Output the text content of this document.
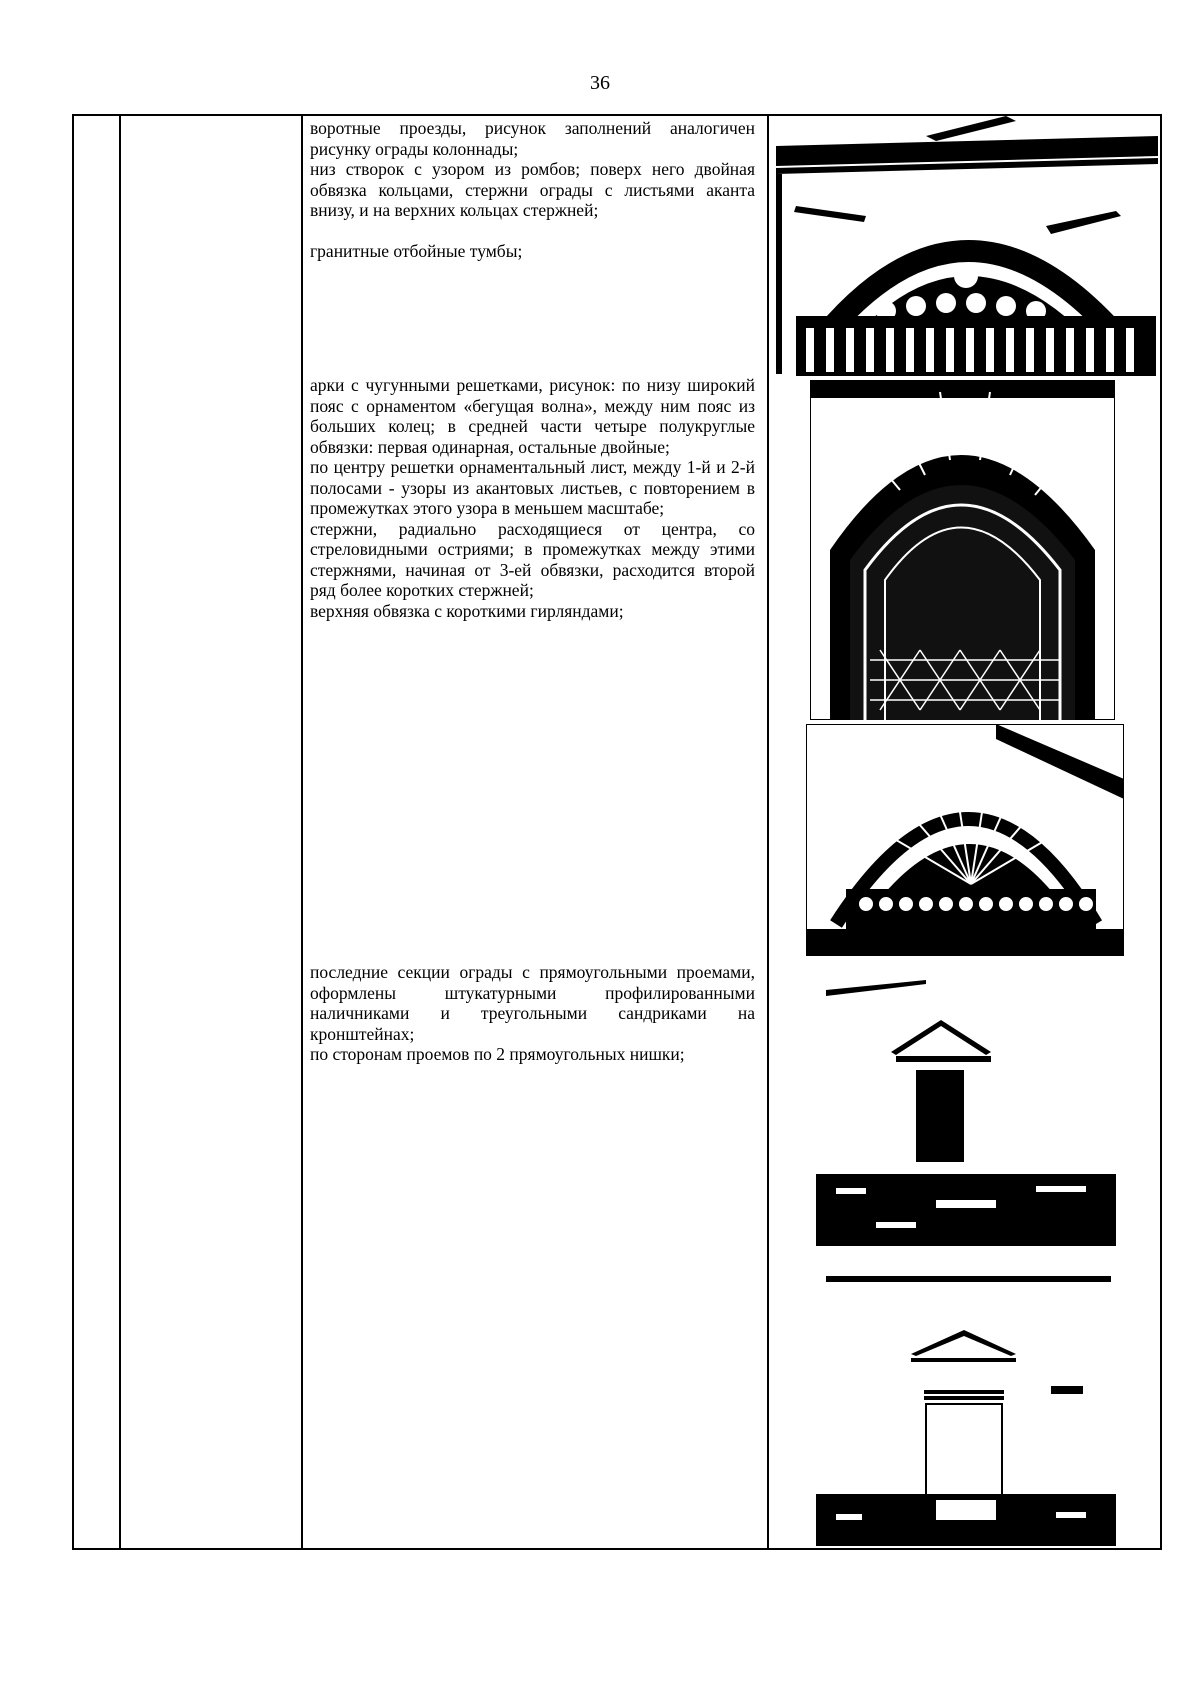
36

воротные проезды, рисунок заполнений аналогичен рисунку ограды колоннады;

низ створок с узором из ромбов; поверх него двойная обвязка кольцами, стержни ограды с листьями аканта внизу, и на верхних кольцах стержней;

гранитные отбойные тумбы;

арки с чугунными решетками, рисунок: по низу широкий пояс с орнаментом «бегущая волна», между ним пояс из больших колец; в средней части четыре полукруглые обвязки: первая одинарная, остальные двойные;

по центру решетки орнаментальный лист, между 1-й и 2-й полосами - узоры из акантовых листьев, с повторением в промежутках этого узора в меньшем масштабе;

стержни, радиально расходящиеся от центра, со стреловидными остриями; в промежутках между этими стержнями, начиная от 3-ей обвязки, расходится второй ряд более коротких стержней;

верхняя обвязка с короткими гирляндами;

последние секции ограды с прямоугольными проемами, оформлены штукатурными профилированными наличниками и треугольными сандриками на кронштейнах;

по сторонам проемов по 2 прямоугольных нишки;
